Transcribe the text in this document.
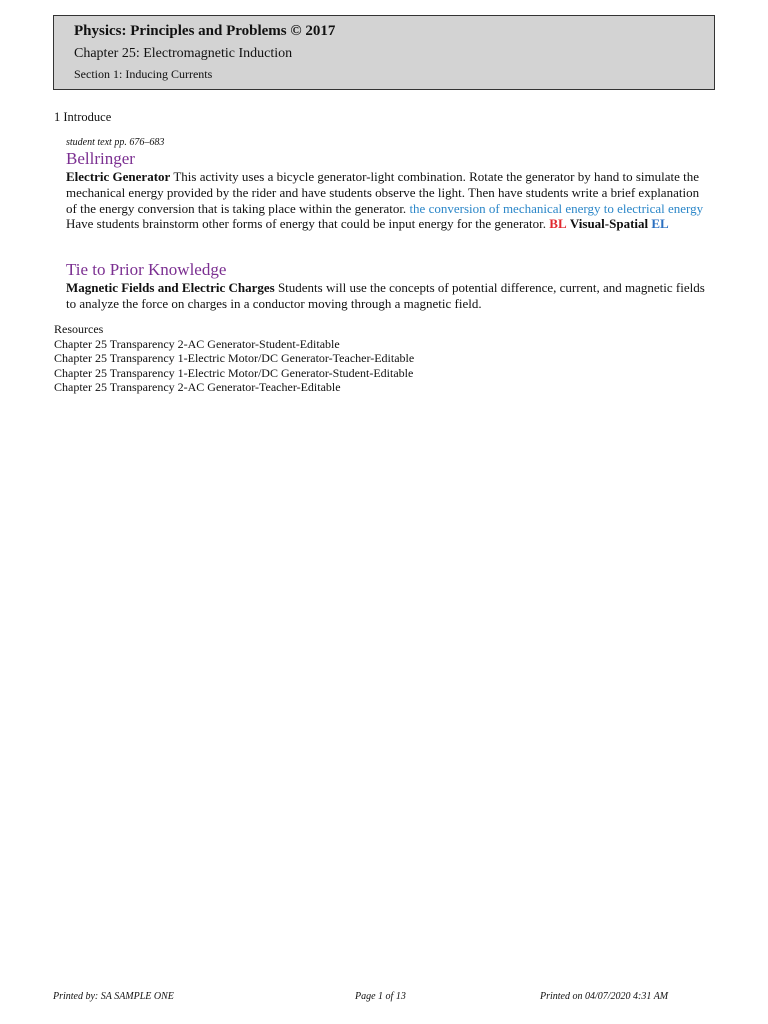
Physics: Principles and Problems © 2017
Chapter 25: Electromagnetic Induction
Section 1: Inducing Currents
1 Introduce
student text pp. 676–683
Bellringer
Electric Generator This activity uses a bicycle generator-light combination. Rotate the generator by hand to simulate the mechanical energy provided by the rider and have students observe the light. Then have students write a brief explanation of the energy conversion that is taking place within the generator. the conversion of mechanical energy to electrical energy Have students brainstorm other forms of energy that could be input energy for the generator. BL Visual-Spatial EL
Tie to Prior Knowledge
Magnetic Fields and Electric Charges Students will use the concepts of potential difference, current, and magnetic fields to analyze the force on charges in a conductor moving through a magnetic field.
Resources
Chapter 25 Transparency 2-AC Generator-Student-Editable
Chapter 25 Transparency 1-Electric Motor/DC Generator-Teacher-Editable
Chapter 25 Transparency 1-Electric Motor/DC Generator-Student-Editable
Chapter 25 Transparency 2-AC Generator-Teacher-Editable
Printed by: SA SAMPLE ONE	Page 1 of 13	Printed on 04/07/2020 4:31 AM
